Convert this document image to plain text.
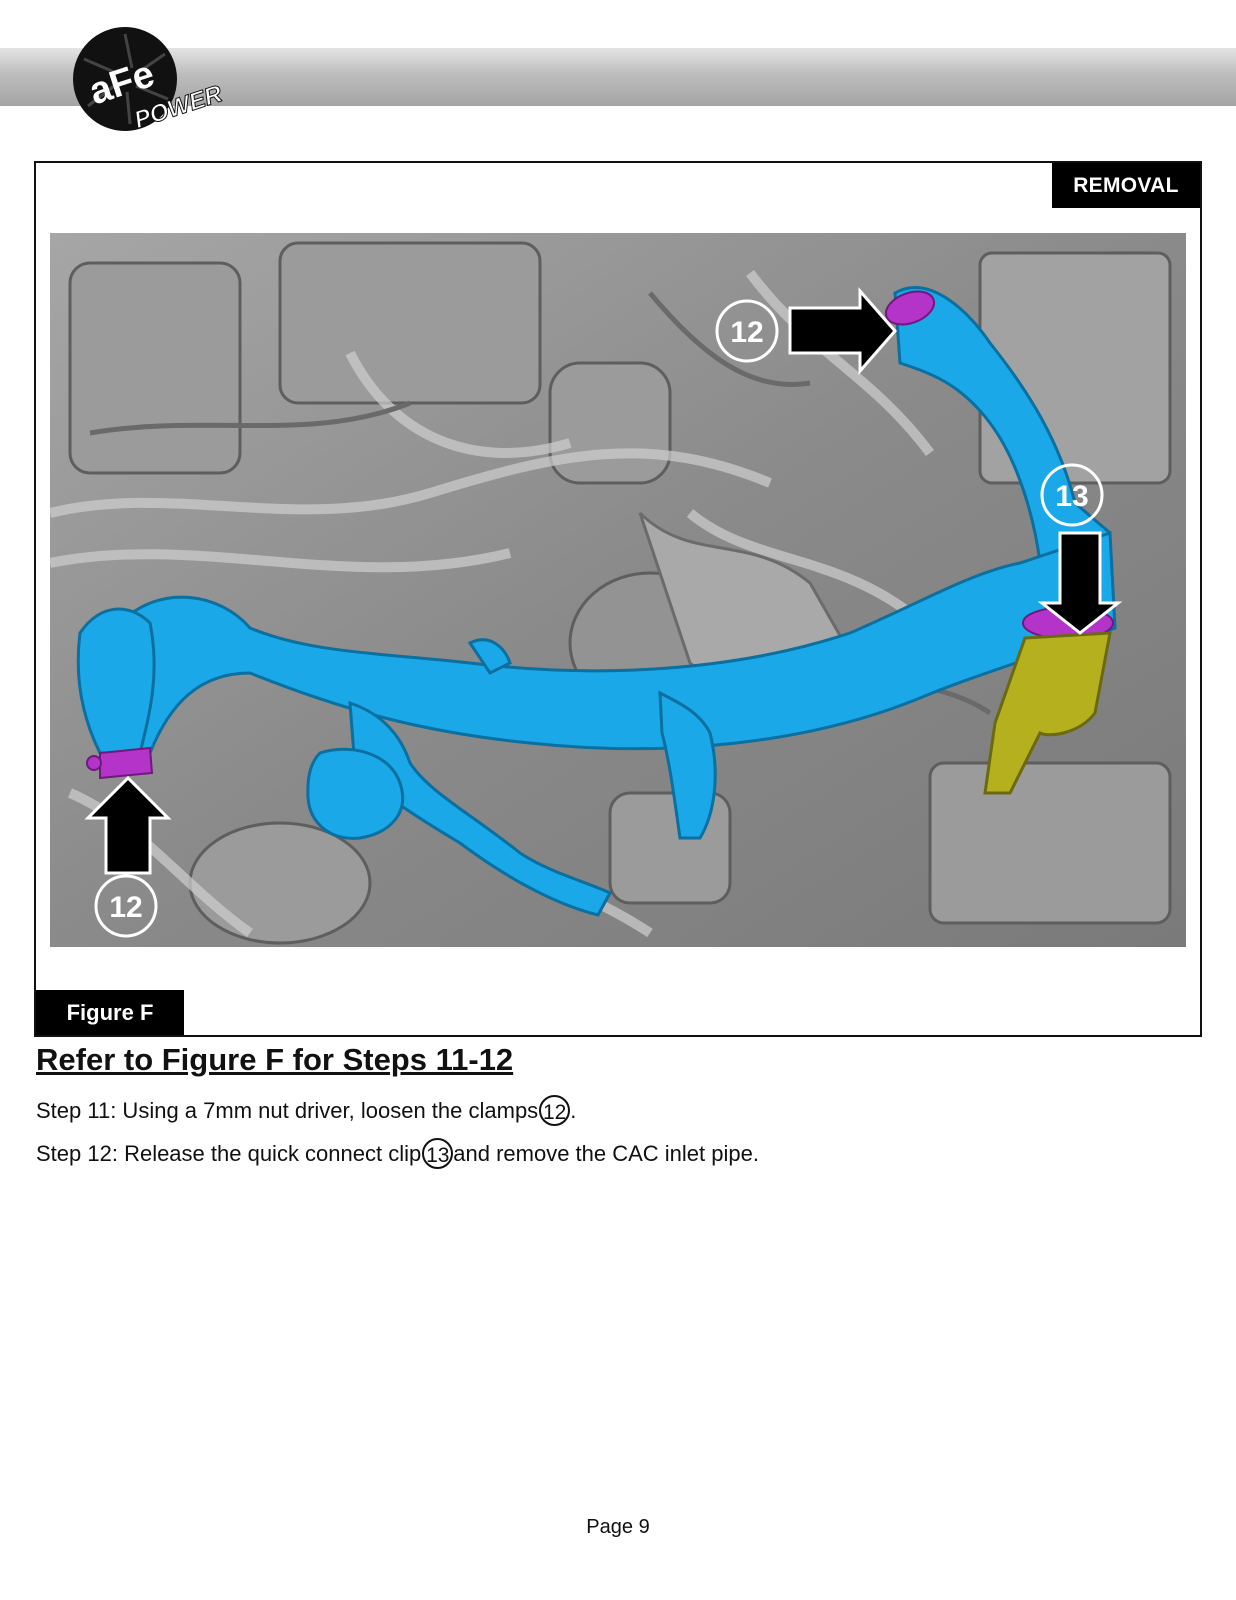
aFe
POWER
REMOVAL
12
13
12
Figure F
Refer to Figure F for Steps 11-12

Step 11: Using a 7mm nut driver, loosen the clamps 12 .

Step 12: Release the quick connect clip 13 and remove the CAC inlet pipe.

Page 9
